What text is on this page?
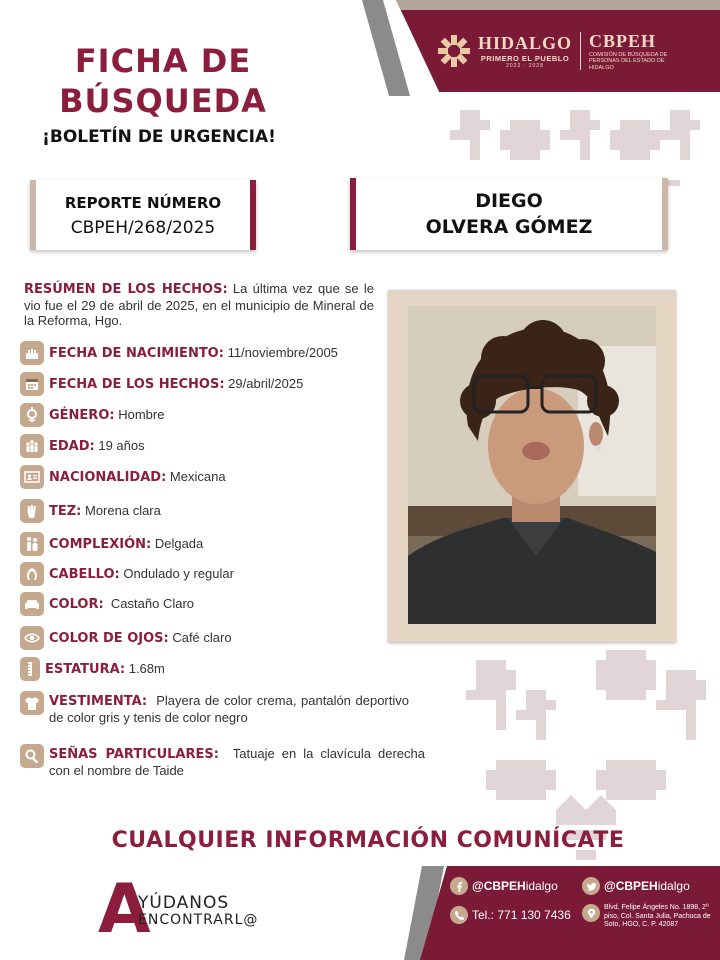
HIDALGO
PRIMERO EL PUEBLO
2022 · 2028
CBPEH
COMISIÓN DE BÚSQUEDA DE PERSONAS DEL ESTADO DE HIDALGO
FICHA DE
BÚSQUEDA
¡BOLETÍN DE URGENCIA!
REPORTE NÚMERO
CBPEH/268/2025
DIEGO
OLVERA GÓMEZ
RESÚMEN DE LOS HECHOS: La última vez que se le vio fue el 29 de abril de 2025, en el municipio de Mineral de la Reforma, Hgo.
FECHA DE NACIMIENTO: 11/noviembre/2005
FECHA DE LOS HECHOS: 29/abril/2025
GÉNERO: Hombre
EDAD: 19 años
NACIONALIDAD: Mexicana
TEZ: Morena clara
COMPLEXIÓN: Delgada
CABELLO: Ondulado y regular
COLOR: Castaño Claro
COLOR DE OJOS: Café claro
ESTATURA: 1.68m
VESTIMENTA: Playera de color crema, pantalón deportivo de color gris y tenis de color negro
SEÑAS PARTICULARES: Tatuaje en la clavícula derecha con el nombre de Taide
CUALQUIER INFORMACIÓN COMUNÍCATE
A
YÚDANOS
ENCONTRARL@
@CBPEHidalgo	@CBPEHidalgo
Tel.: 771 130 7436
Blvd. Felipe Ángeles No. 1898, 2º piso, Col. Santa Julia, Pachuca de Soto, HGO, C. P. 42087
